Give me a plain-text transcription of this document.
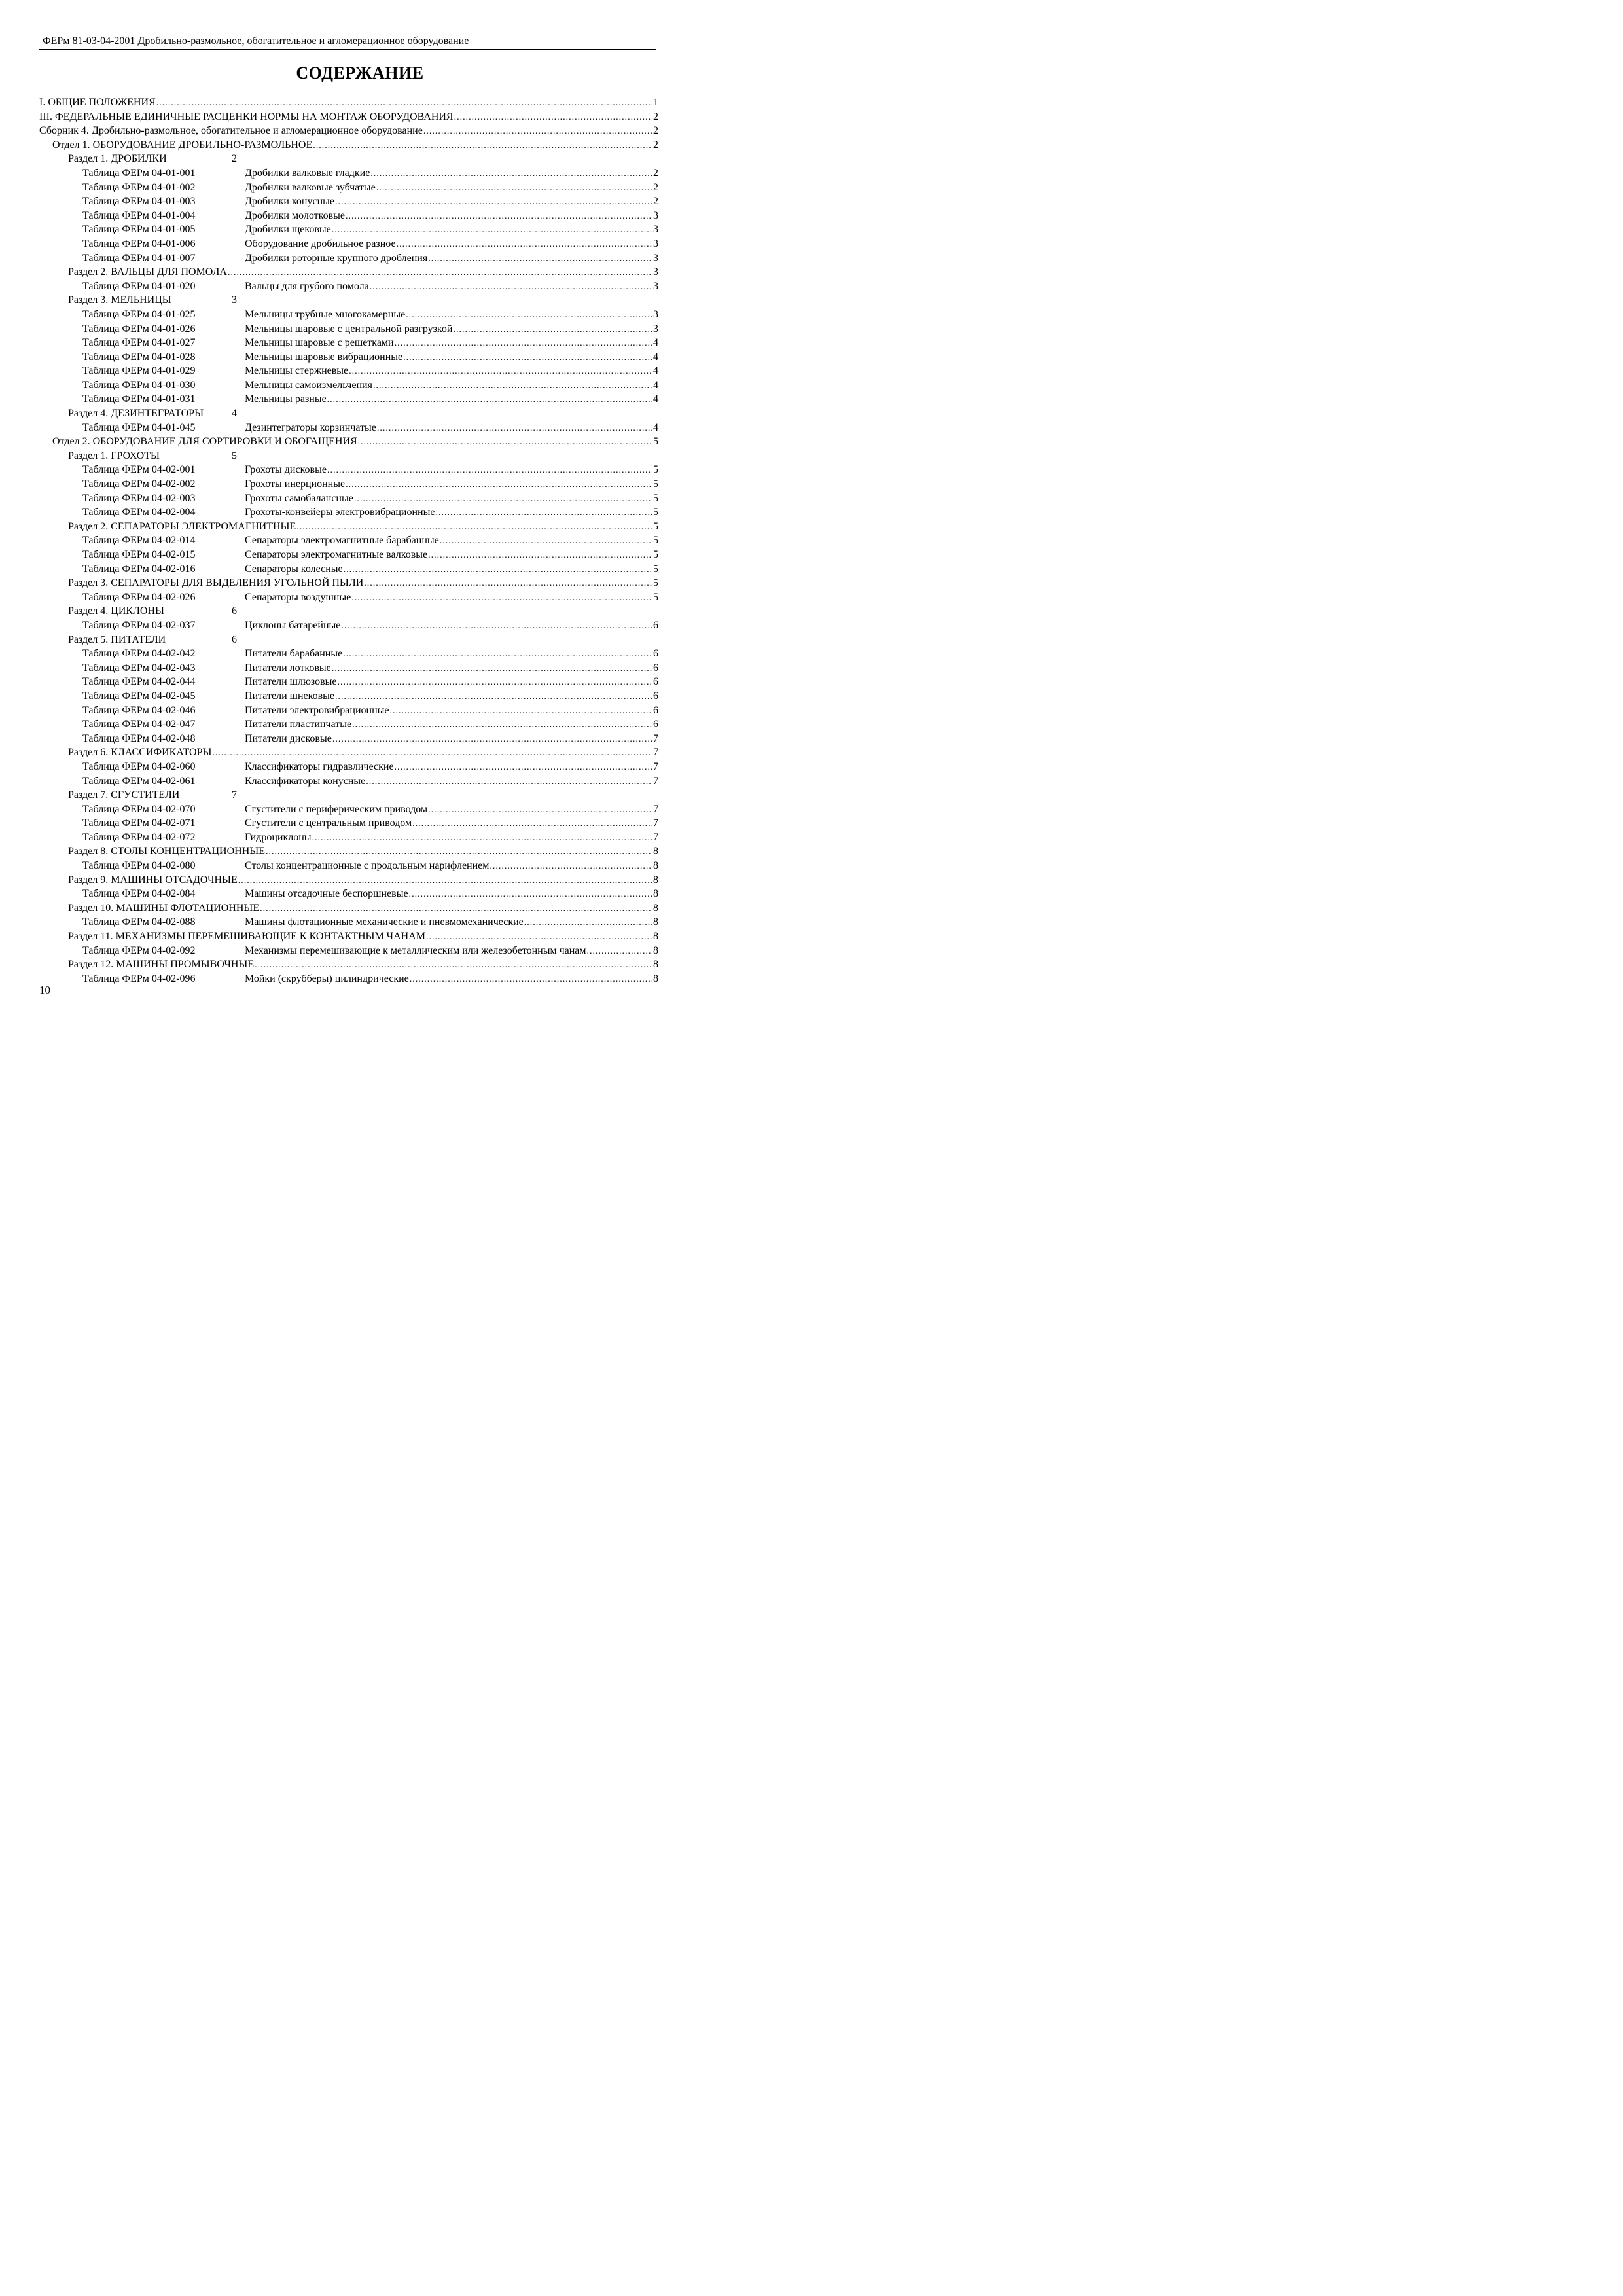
ФЕРм 81-03-04-2001 Дробильно-размольное, обогатительное и агломерационное оборудование
СОДЕРЖАНИЕ
I. ОБЩИЕ ПОЛОЖЕНИЯ .....	1
III. ФЕДЕРАЛЬНЫЕ ЕДИНИЧНЫЕ РАСЦЕНКИ НОРМЫ НА МОНТАЖ ОБОРУДОВАНИЯ .....	2
Сборник 4. Дробильно-размольное, обогатительное и агломерационное оборудование .....	2
Отдел 1. ОБОРУДОВАНИЕ ДРОБИЛЬНО-РАЗМОЛЬНОЕ .....	2
Раздел 1. ДРОБИЛКИ	2
Таблица ФЕРм 04-01-001	Дробилки валковые гладкие .....	2
Таблица ФЕРм 04-01-002	Дробилки валковые зубчатые .....	2
Таблица ФЕРм 04-01-003	Дробилки конусные .....	2
Таблица ФЕРм 04-01-004	Дробилки молотковые .....	3
Таблица ФЕРм 04-01-005	Дробилки щековые .....	3
Таблица ФЕРм 04-01-006	Оборудование дробильное разное .....	3
Таблица ФЕРм 04-01-007	Дробилки роторные крупного дробления .....	3
Раздел 2. ВАЛЬЦЫ ДЛЯ ПОМОЛА .....	3
Таблица ФЕРм 04-01-020	Вальцы для грубого помола .....	3
Раздел 3. МЕЛЬНИЦЫ	3
Таблица ФЕРм 04-01-025	Мельницы трубные многокамерные .....	3
Таблица ФЕРм 04-01-026	Мельницы шаровые с центральной разгрузкой .....	3
Таблица ФЕРм 04-01-027	Мельницы шаровые с решетками .....	4
Таблица ФЕРм 04-01-028	Мельницы шаровые вибрационные .....	4
Таблица ФЕРм 04-01-029	Мельницы стержневые .....	4
Таблица ФЕРм 04-01-030	Мельницы самоизмельчения .....	4
Таблица ФЕРм 04-01-031	Мельницы разные .....	4
Раздел 4. ДЕЗИНТЕГРАТОРЫ	4
Таблица ФЕРм 04-01-045	Дезинтеграторы корзинчатые .....	4
Отдел 2. ОБОРУДОВАНИЕ ДЛЯ СОРТИРОВКИ И ОБОГАЩЕНИЯ .....	5
Раздел 1. ГРОХОТЫ	5
Таблица ФЕРм 04-02-001	Грохоты дисковые .....	5
Таблица ФЕРм 04-02-002	Грохоты инерционные .....	5
Таблица ФЕРм 04-02-003	Грохоты самобалансные .....	5
Таблица ФЕРм 04-02-004	Грохоты-конвейеры электровибрационные .....	5
Раздел 2. СЕПАРАТОРЫ ЭЛЕКТРОМАГНИТНЫЕ .....	5
Таблица ФЕРм 04-02-014	Сепараторы электромагнитные барабанные .....	5
Таблица ФЕРм 04-02-015	Сепараторы электромагнитные валковые .....	5
Таблица ФЕРм 04-02-016	Сепараторы колесные .....	5
Раздел 3. СЕПАРАТОРЫ ДЛЯ ВЫДЕЛЕНИЯ УГОЛЬНОЙ ПЫЛИ .....	5
Таблица ФЕРм 04-02-026	Сепараторы воздушные .....	5
Раздел 4. ЦИКЛОНЫ	6
Таблица ФЕРм 04-02-037	Циклоны батарейные .....	6
Раздел 5. ПИТАТЕЛИ	6
Таблица ФЕРм 04-02-042	Питатели барабанные .....	6
Таблица ФЕРм 04-02-043	Питатели лотковые .....	6
Таблица ФЕРм 04-02-044	Питатели шлюзовые .....	6
Таблица ФЕРм 04-02-045	Питатели шнековые .....	6
Таблица ФЕРм 04-02-046	Питатели электровибрационные .....	6
Таблица ФЕРм 04-02-047	Питатели пластинчатые .....	6
Таблица ФЕРм 04-02-048	Питатели дисковые .....	7
Раздел 6. КЛАССИФИКАТОРЫ .....	7
Таблица ФЕРм 04-02-060	Классификаторы гидравлические .....	7
Таблица ФЕРм 04-02-061	Классификаторы конусные .....	7
Раздел 7. СГУСТИТЕЛИ	7
Таблица ФЕРм 04-02-070	Сгустители с периферическим приводом .....	7
Таблица ФЕРм 04-02-071	Сгустители с центральным приводом .....	7
Таблица ФЕРм 04-02-072	Гидроциклоны .....	7
Раздел 8. СТОЛЫ КОНЦЕНТРАЦИОННЫЕ .....	8
Таблица ФЕРм 04-02-080	Столы концентрационные с продольным нарифлением .....	8
Раздел 9. МАШИНЫ ОТСАДОЧНЫЕ .....	8
Таблица ФЕРм 04-02-084	Машины отсадочные беспоршневые .....	8
Раздел 10. МАШИНЫ ФЛОТАЦИОННЫЕ .....	8
Таблица ФЕРм 04-02-088	Машины флотационные механические и пневмомеханические .....	8
Раздел 11. МЕХАНИЗМЫ ПЕРЕМЕШИВАЮЩИЕ К КОНТАКТНЫМ ЧАНАМ .....	8
Таблица ФЕРм 04-02-092	Механизмы перемешивающие к металлическим или железобетонным чанам .....	8
Раздел 12. МАШИНЫ ПРОМЫВОЧНЫЕ .....	8
Таблица ФЕРм 04-02-096	Мойки (скрубберы) цилиндрические .....	8
10
